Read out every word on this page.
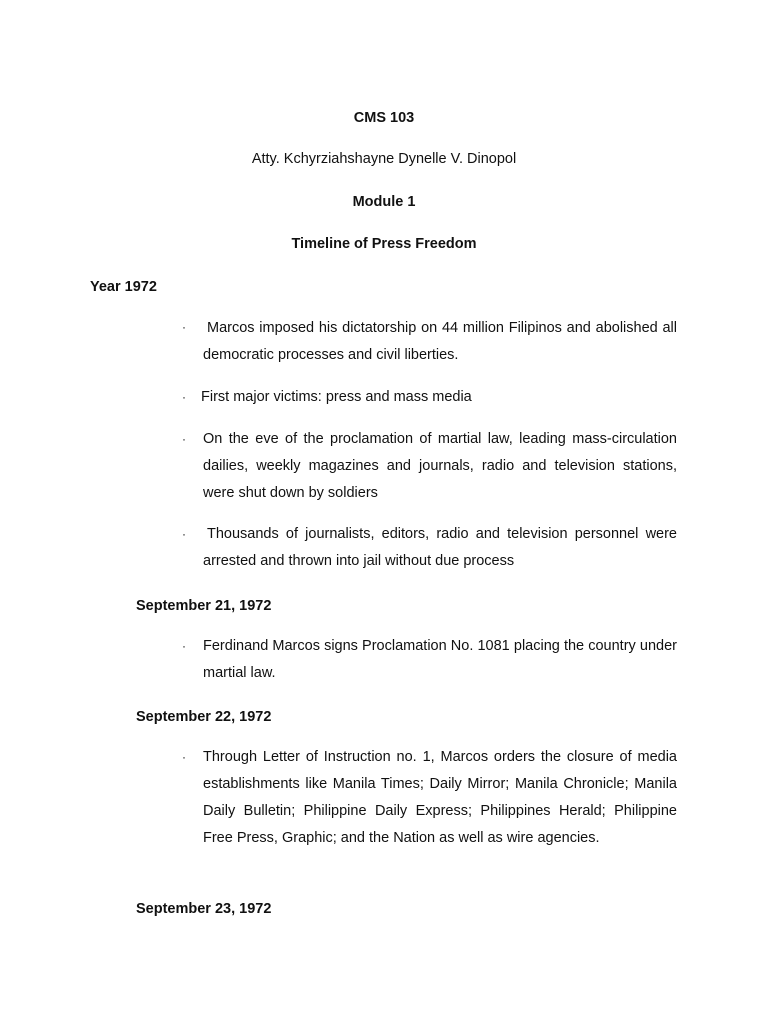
CMS 103
Atty. Kchyrziahshayne Dynelle V. Dinopol
Module 1
Timeline of Press Freedom
Year 1972
· Marcos imposed his dictatorship on 44 million Filipinos and abolished all democratic processes and civil liberties.
· First major victims: press and mass media
· On the eve of the proclamation of martial law, leading mass-circulation dailies, weekly magazines and journals, radio and television stations, were shut down by soldiers
· Thousands of journalists, editors, radio and television personnel were arrested and thrown into jail without due process
September 21, 1972
· Ferdinand Marcos signs Proclamation No. 1081 placing the country under martial law.
September 22, 1972
· Through Letter of Instruction no. 1, Marcos orders the closure of media establishments like Manila Times; Daily Mirror; Manila Chronicle; Manila Daily Bulletin; Philippine Daily Express; Philippines Herald; Philippine Free Press, Graphic; and the Nation as well as wire agencies.
September 23, 1972
